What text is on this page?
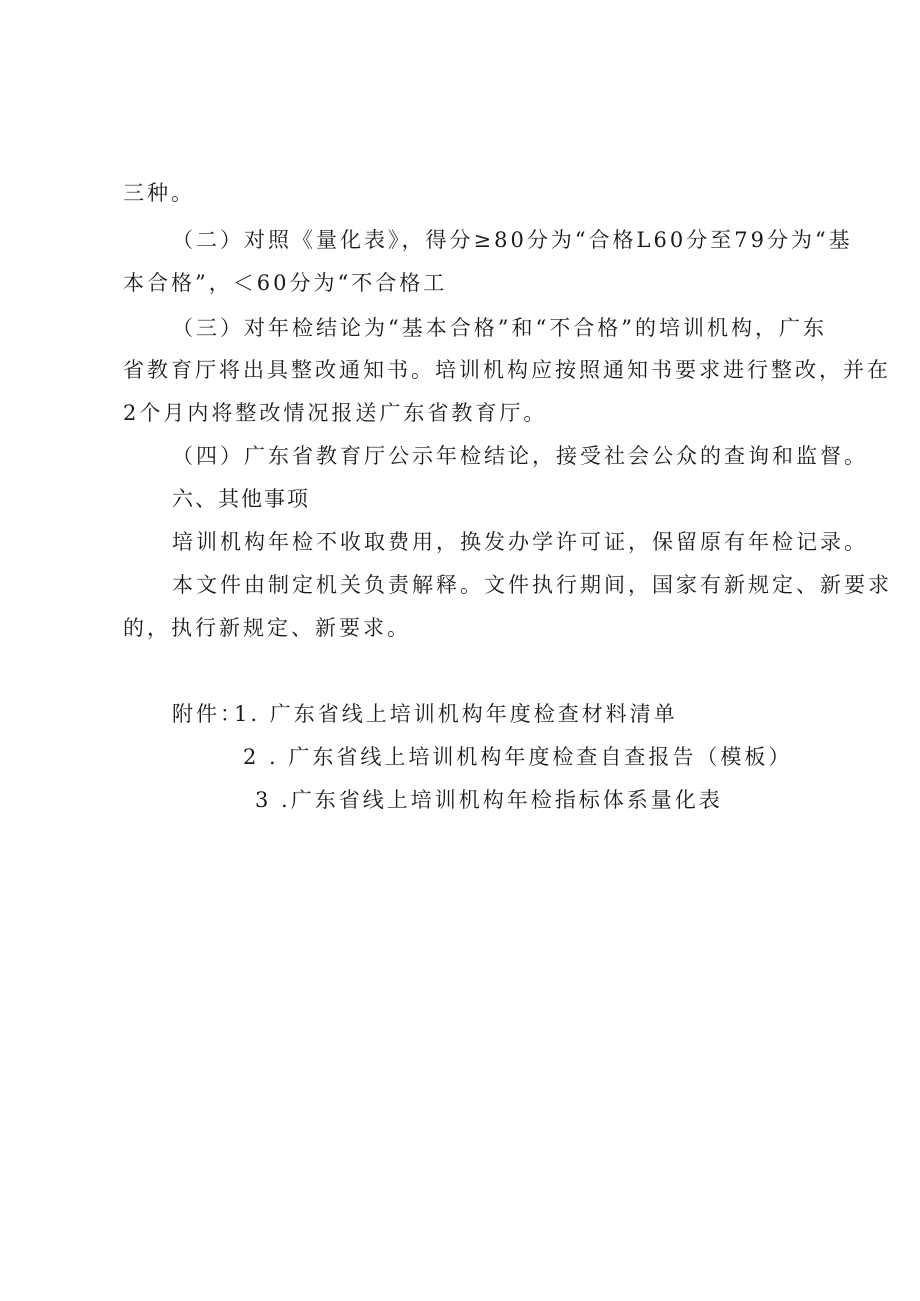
三种。

（二）对照《量化表》，得分≥80分为“合格L60分至79分为“基

本合格”，＜60分为“不合格工

（三）对年检结论为“基本合格”和“不合格”的培训机构，广东

省教育厅将出具整改通知书。培训机构应按照通知书要求进行整改，并在

2个月内将整改情况报送广东省教育厅。

（四）广东省教育厅公示年检结论，接受社会公众的查询和监督。

六、其他事项

培训机构年检不收取费用，换发办学许可证，保留原有年检记录。

本文件由制定机关负责解释。文件执行期间，国家有新规定、新要求

的，执行新规定、新要求。

附件：

1. 广东省线上培训机构年度检查材料清单

2 . 广东省线上培训机构年度检查自查报告（模板）

3 .广东省线上培训机构年检指标体系量化表
